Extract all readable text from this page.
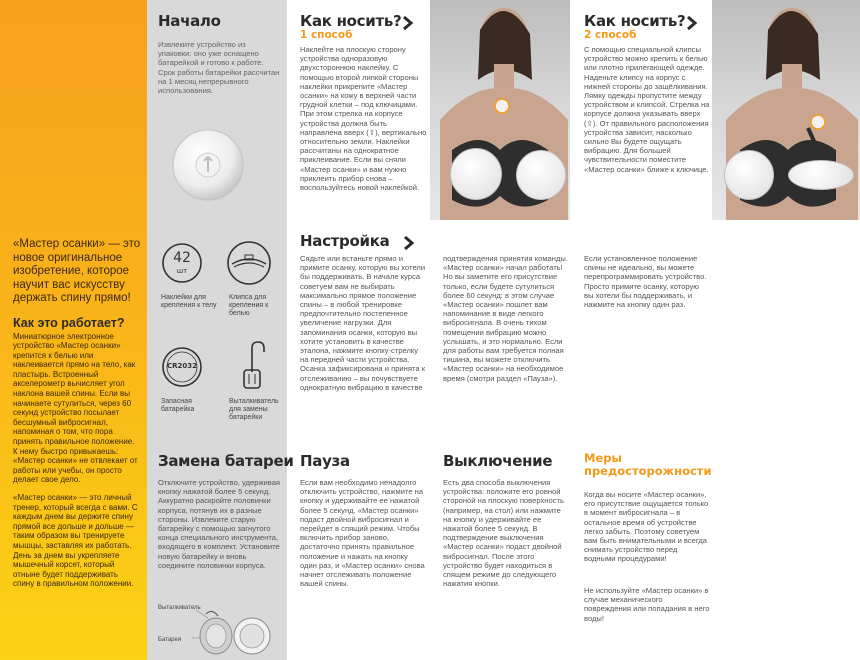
«Мастер осанки» — это новое оригинальное изобретение, которое научит вас искусству держать спину прямо!
Как это работает?
Миниатюрное электронное устройство «Мастер осанки» крепится к белью или наклеивается прямо на тело, как пластырь. Встроенный акселерометр вычисляет угол наклона вашей спины. Если вы начинаете сутулиться, через 60 секунд устройство посылает бесшумный вибросигнал, напоминая о том, что пора принять правильное положение. К нему быстро привыкаешь: «Мастер осанки» не отвлекает от работы или учебы, он просто делает свое дело.
«Мастер осанки» — это личный тренер, который всегда с вами. С каждым днем вы держите спину прямой все дольше и дольше — таким образом вы тренируете мышцы, заставляя их работать. День за днем вы укрепляете мышечный корсет, который отныне будет поддерживать спину в правильном положении.
Начало
Извлеките устройство из упаковки: оно уже оснащено батарейкой и готово к работе. Срок работы батарейки рассчитан на 1 месяц непрерывного использования.
42
шт
Наклейки для крепления к телу
Клипса для крепления к белью
CR2032
Запасная батарейка
Выталкиватель для замены батарейки
Замена батареи
Отключите устройство, удерживая кнопку нажатой более 5 секунд. Аккуратно раскройте половинки корпуса, потянув их в разные стороны. Извлеките старую батарейку с помощью загнутого конца специального инструмента, входящего в комплект. Установите новую батарейку и вновь соедините половинки корпуса.
Выталкиватель
Батарея
Как носить?
1 способ
Наклейте на плоскую сторону устройства одноразовую двухстороннюю наклейку. С помощью второй липкой стороны наклейки прикрепите «Мастер осанки» на кожу в верхней части грудной клетки – под ключицами. При этом стрелка на корпусе устройства должна быть направлена вверх (⇧), вертикально относительно земли. Наклейки рассчитаны на однократное приклеивание. Если вы сняли «Мастер осанки» и вам нужно приклеить прибор снова – воспользуйтесь новой наклейкой.
Как носить?
2 способ
С помощью специальной клипсы устройство можно крепить к белью или плотно прилегающей одежде. Наденьте клипсу на корпус с нижней стороны до защёлкивания. Лямку одежды пропустите между устройством и клипсой. Стрелка на корпусе должна указывать вверх (⇧). От правильного расположения устройства зависит, насколько сильно Вы будете ощущать вибрацию. Для большей чувствительности поместите «Мастер осанки» ближе к ключице.
Настройка
Сядьте или встаньте прямо и примите осанку, которую вы хотели бы поддерживать. В начале курса советуем вам не выбирать максимально прямое положение спины – в любой тренировке предпочтительно постепенное увеличение нагрузки. Для запоминания осанки, которую вы хотите установить в качестве эталона, нажмите кнопку-стрелку на передней части устройства. Осанка зафиксирована и принята к отслеживанию – вы почувствуете однократную вибрацию в качестве
подтверждения принятия команды. «Мастер осанки» начал работать! Но вы заметите его присутствие только, если будете сутулиться более 60 секунд: в этом случае «Мастер осанки» пошлет вам напоминание в виде легкого вибросигнала. В очень тихом помещении вибрацию можно услышать, и это нормально. Если для работы вам требуется полная тишина, вы можете отключить «Мастер осанки» на необходимое время (смотри раздел «Пауза»).
Если установленное положение спины не идеально, вы можете перепрограммировать устройство. Просто примите осанку, которую вы хотели бы поддерживать, и нажмите на кнопку один раз.
Пауза
Если вам необходимо ненадолго отключить устройство, нажмите на кнопку и удерживайте ее нажатой более 5 секунд. «Мастер осанки» подаст двойной вибросигнал и перейдет в спящий режим. Чтобы включить прибор заново, достаточно принять правильное положение и нажать на кнопку один раз, и «Мастер осанки» снова начнет отслеживать положение вашей спины.
Выключение
Есть два способа выключения устройства: положите его ровной стороной на плоскую поверхность (например, на стол) или нажмите на кнопку и удерживайте ее нажатой более 5 секунд. В подтверждение выключения «Мастер осанки» подаст двойной вибросигнал. После этого устройство будет находиться в спящем режиме до следующего нажатия кнопки.
Меры
предосторожности
Когда вы носите «Мастер осанки», его присутствие ощущается только в момент вибросигнала – в остальное время об устройстве легко забыть. Поэтому советуем вам быть внимательными и всегда снимать устройство перед водными процедурами!
Не используйте «Мастер осанки» в случае механического повреждения или попадания в него воды!
